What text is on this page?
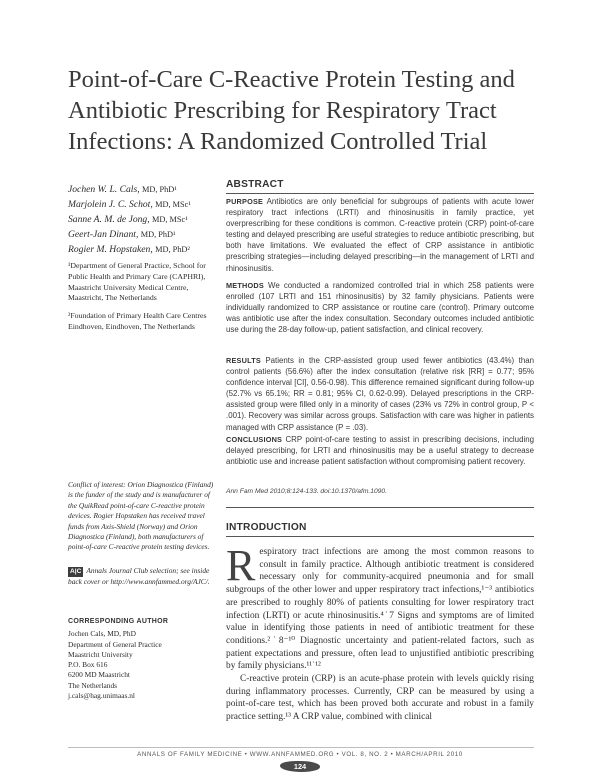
Point-of-Care C-Reactive Protein Testing and Antibiotic Prescribing for Respiratory Tract Infections: A Randomized Controlled Trial
Jochen W. L. Cals, MD, PhD¹
Marjolein J. C. Schot, MD, MSc¹
Sanne A. M. de Jong, MD, MSc¹
Geert-Jan Dinant, MD, PhD¹
Rogier M. Hopstaken, MD, PhD²
¹Department of General Practice, School for Public Health and Primary Care (CAPHRI), Maastricht University Medical Centre, Maastricht, The Netherlands
²Foundation of Primary Health Care Centres Eindhoven, Eindhoven, The Netherlands
Conflict of interest: Orion Diagnostica (Finland) is the funder of the study and is manufacturer of the QuikRead point-of-care C-reactive protein devices. Rogier Hopstaken has received travel funds from Axis-Shield (Norway) and Orion Diagnostica (Finland), both manufacturers of point-of-care C-reactive protein testing devices.
A|C Annals Journal Club selection; see inside back cover or http://www.annfammed.org/AJC/.
CORRESPONDING AUTHOR
Jochen Cals, MD, PhD
Department of General Practice
Maastricht University
P.O. Box 616
6200 MD Maastricht
The Netherlands
j.cals@hag.unimaas.nl
ABSTRACT
PURPOSE Antibiotics are only beneficial for subgroups of patients with acute lower respiratory tract infections (LRTI) and rhinosinusitis in family practice, yet overprescribing for these conditions is common. C-reactive protein (CRP) point-of-care testing and delayed prescribing are useful strategies to reduce antibiotic prescribing, but both have limitations. We evaluated the effect of CRP assistance in antibiotic prescribing strategies—including delayed prescribing—in the management of LRTI and rhinosinusitis.
METHODS We conducted a randomized controlled trial in which 258 patients were enrolled (107 LRTI and 151 rhinosinusitis) by 32 family physicians. Patients were individually randomized to CRP assistance or routine care (control). Primary outcome was antibiotic use after the index consultation. Secondary outcomes included antibiotic use during the 28-day follow-up, patient satisfaction, and clinical recovery.
RESULTS Patients in the CRP-assisted group used fewer antibiotics (43.4%) than control patients (56.6%) after the index consultation (relative risk [RR] = 0.77; 95% confidence interval [CI], 0.56-0.98). This difference remained significant during follow-up (52.7% vs 65.1%; RR = 0.81; 95% CI, 0.62-0.99). Delayed prescriptions in the CRP-assisted group were filled only in a minority of cases (23% vs 72% in control group, P < .001). Recovery was similar across groups. Satisfaction with care was higher in patients managed with CRP assistance (P = .03).
CONCLUSIONS CRP point-of-care testing to assist in prescribing decisions, including delayed prescribing, for LRTI and rhinosinusitis may be a useful strategy to decrease antibiotic use and increase patient satisfaction without compromising patient recovery.
Ann Fam Med 2010;8:124-133. doi:10.1370/afm.1090.
INTRODUCTION

Respiratory tract infections are among the most common reasons to consult in family practice. Although antibiotic treatment is considered necessary only for community-acquired pneumonia and for small subgroups of the other lower and upper respiratory tract infections,¹⁻³ antibiotics are prescribed to roughly 80% of patients consulting for lower respiratory tract infection (LRTI) or acute rhinosinusitis.⁴˙7 Signs and symptoms are of limited value in identifying those patients in need of antibiotic treatment for these conditions.²˙8⁻¹⁰ Diagnostic uncertainty and patient-related factors, such as patient expectations and pressure, often lead to unjustified antibiotic prescribing by family physicians.¹¹˙¹²

C-reactive protein (CRP) is an acute-phase protein with levels quickly rising during inflammatory processes. Currently, CRP can be measured by using a point-of-care test, which has been proved both accurate and robust in a family practice setting.¹³ A CRP value, combined with clinical

ANNALS OF FAMILY MEDICINE • WWW.ANNFAMMED.ORG • VOL. 8, NO. 2 • MARCH/APRIL 2010
124
